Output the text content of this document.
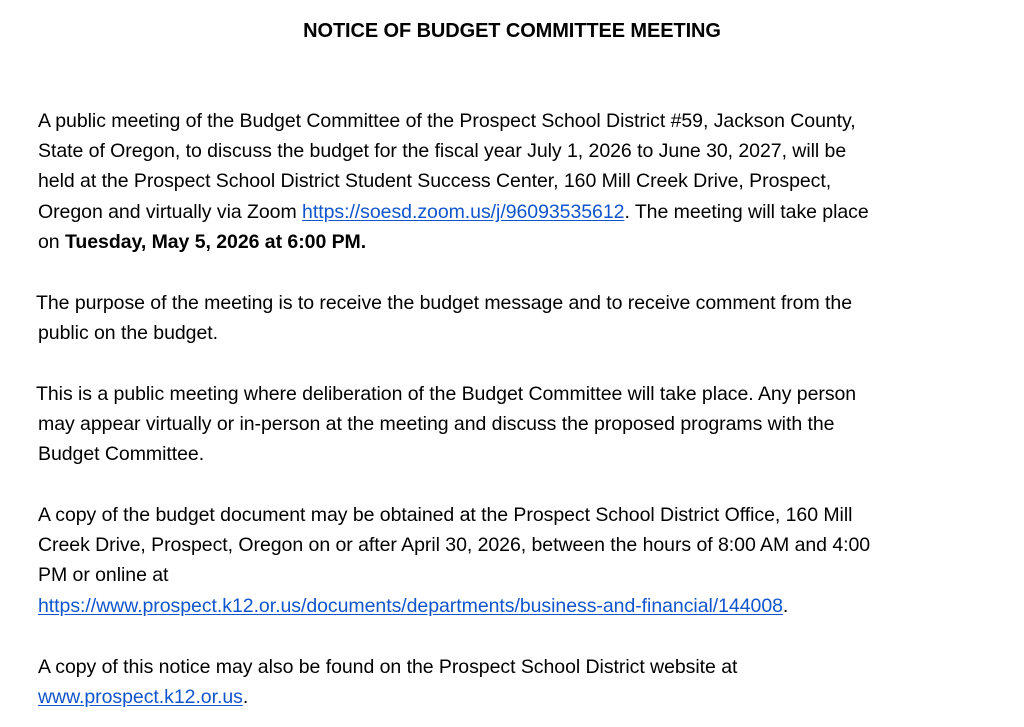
NOTICE OF BUDGET COMMITTEE MEETING
A public meeting of the Budget Committee of the Prospect School District #59, Jackson County,
State of Oregon, to discuss the budget for the fiscal year July 1, 2026 to June 30, 2027, will be
held at the Prospect School District Student Success Center, 160 Mill Creek Drive, Prospect,
Oregon and virtually via Zoom https://soesd.zoom.us/j/96093535612. The meeting will take place
on Tuesday, May 5, 2026 at 6:00 PM.
The purpose of the meeting is to receive the budget message and to receive comment from the
public on the budget.
This is a public meeting where deliberation of the Budget Committee will take place. Any person
may appear virtually or in-person at the meeting and discuss the proposed programs with the
Budget Committee.
A copy of the budget document may be obtained at the Prospect School District Office, 160 Mill
Creek Drive, Prospect, Oregon on or after April 30, 2026, between the hours of 8:00 AM and 4:00
PM or online at
https://www.prospect.k12.or.us/documents/departments/business-and-financial/144008.
A copy of this notice may also be found on the Prospect School District website at
www.prospect.k12.or.us.
